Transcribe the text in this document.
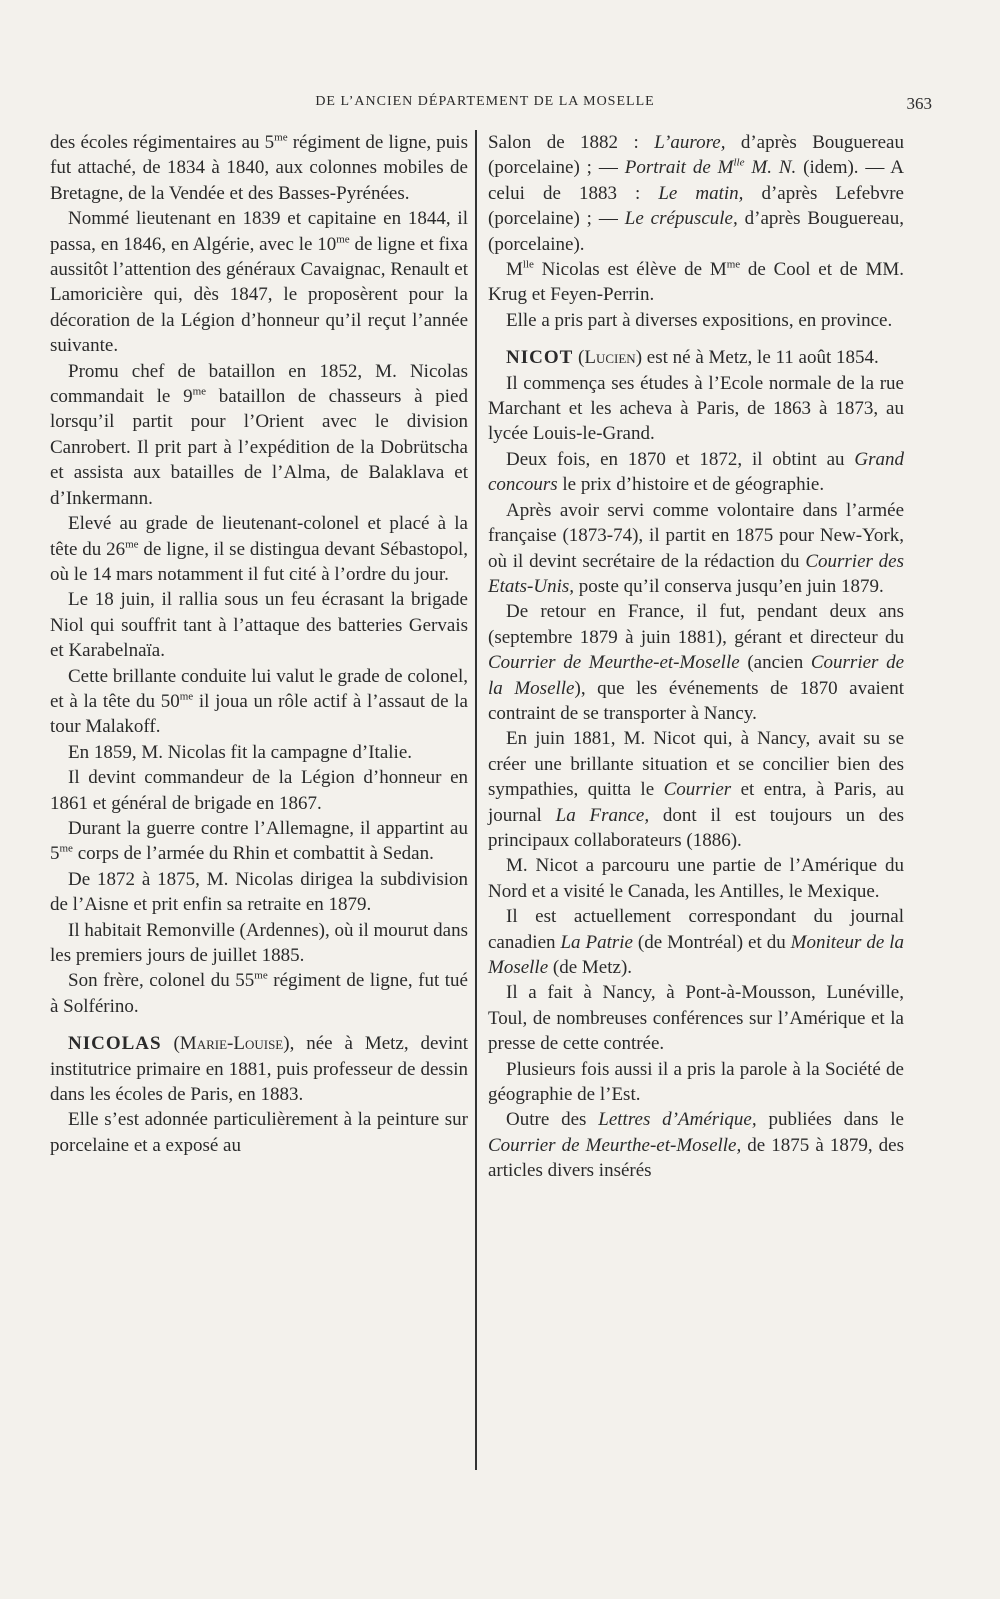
DE L’ANCIEN DÉPARTEMENT DE LA MOSELLE	363

des écoles régimentaires au $5^{me}$ régiment de ligne, puis fut attaché, de 1834 à 1840, aux colonnes mobiles de Bretagne, de la Vendée et des Basses-Pyrénées.

Nommé lieutenant en 1839 et capitaine en 1844, il passa, en 1846, en Algérie, avec le $10^{me}$ de ligne et fixa aussitôt l’attention des généraux Cavaignac, Renault et Lamoricière qui, dès 1847, le proposèrent pour la décoration de la Légion d’honneur qu’il reçut l’année suivante.

Promu chef de bataillon en 1852, M. Nicolas commandait le $9^{me}$ bataillon de chasseurs à pied lorsqu’il partit pour l’Orient avec le division Canrobert. Il prit part à l’expédition de la Dobrütscha et assista aux batailles de l’Alma, de Balaklava et d’Inkermann.

Elevé au grade de lieutenant-colonel et placé à la tête du $26^{me}$ de ligne, il se distingua devant Sébastopol, où le 14 mars notamment il fut cité à l’ordre du jour.

Le 18 juin, il rallia sous un feu écrasant la brigade Niol qui souffrit tant à l’attaque des batteries Gervais et Karabelnaïa.

Cette brillante conduite lui valut le grade de colonel, et à la tête du $50^{me}$ il joua un rôle actif à l’assaut de la tour Malakoff.

En 1859, M. Nicolas fit la campagne d’Italie.

Il devint commandeur de la Légion d’honneur en 1861 et général de brigade en 1867.

Durant la guerre contre l’Allemagne, il appartint au $5^{me}$ corps de l’armée du Rhin et combattit à Sedan.

De 1872 à 1875, M. Nicolas dirigea la subdivision de l’Aisne et prit enfin sa retraite en 1879.

Il habitait Remonville (Ardennes), où il mourut dans les premiers jours de juillet 1885.

Son frère, colonel du $55^{me}$ régiment de ligne, fut tué à Solférino.

NICOLAS (Marie-Louise), née à Metz, devint institutrice primaire en 1881, puis professeur de dessin dans les écoles de Paris, en 1883.

Elle s’est adonnée particulièrement à la peinture sur porcelaine et a exposé au

Salon de 1882 : L’aurore, d’après Bouguereau (porcelaine) ; — Portrait de $M^{lle}$ M. N. (idem). — A celui de 1883 : Le matin, d’après Lefebvre (porcelaine) ; — Le crépuscule, d’après Bouguereau, (porcelaine).

$M^{lle}$ Nicolas est élève de $M^{me}$ de Cool et de MM. Krug et Feyen-Perrin.

Elle a pris part à diverses expositions, en province.

NICOT (Lucien) est né à Metz, le 11 août 1854.

Il commença ses études à l’Ecole normale de la rue Marchant et les acheva à Paris, de 1863 à 1873, au lycée Louis-le-Grand.

Deux fois, en 1870 et 1872, il obtint au Grand concours le prix d’histoire et de géographie.

Après avoir servi comme volontaire dans l’armée française (1873-74), il partit en 1875 pour New-York, où il devint secrétaire de la rédaction du Courrier des Etats-Unis, poste qu’il conserva jusqu’en juin 1879.

De retour en France, il fut, pendant deux ans (septembre 1879 à juin 1881), gérant et directeur du Courrier de Meurthe-et-Moselle (ancien Courrier de la Moselle), que les événements de 1870 avaient contraint de se transporter à Nancy.

En juin 1881, M. Nicot qui, à Nancy, avait su se créer une brillante situation et se concilier bien des sympathies, quitta le Courrier et entra, à Paris, au journal La France, dont il est toujours un des principaux collaborateurs (1886).

M. Nicot a parcouru une partie de l’Amérique du Nord et a visité le Canada, les Antilles, le Mexique.

Il est actuellement correspondant du journal canadien La Patrie (de Montréal) et du Moniteur de la Moselle (de Metz).

Il a fait à Nancy, à Pont-à-Mousson, Lunéville, Toul, de nombreuses conférences sur l’Amérique et la presse de cette contrée.

Plusieurs fois aussi il a pris la parole à la Société de géographie de l’Est.

Outre des Lettres d’Amérique, publiées dans le Courrier de Meurthe-et-Moselle, de 1875 à 1879, des articles divers insérés
